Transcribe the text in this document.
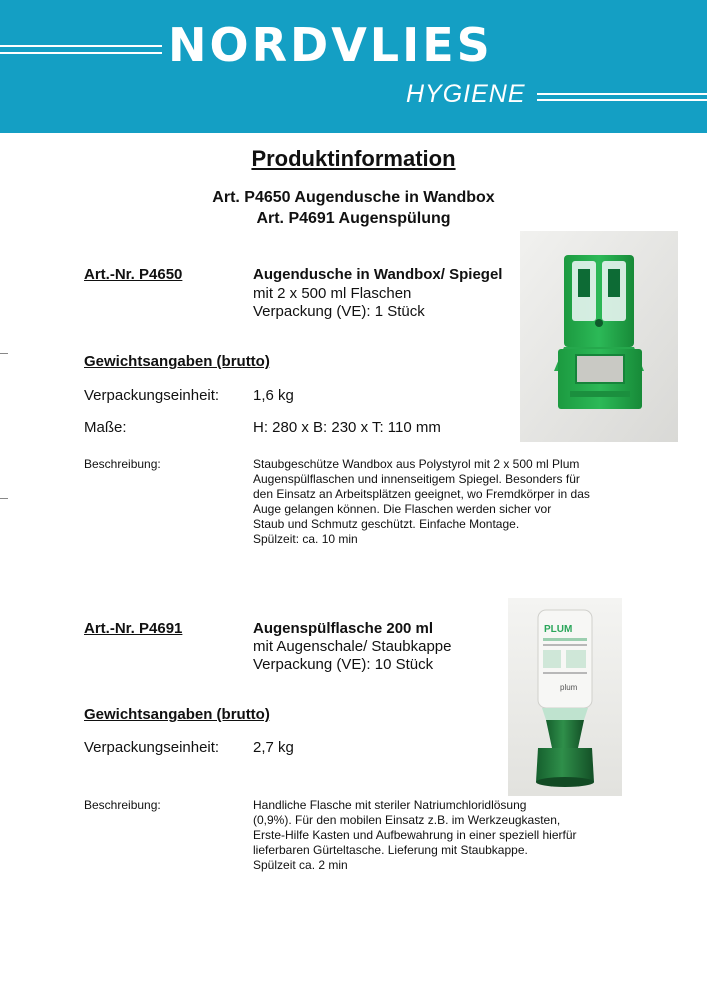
NORDVLIES
HYGIENE
Produktinformation
Art. P4650 Augendusche in Wandbox
Art. P4691 Augenspülung
Art.-Nr. P4650	Augendusche in Wandbox/ Spiegel
mit 2 x 500 ml Flaschen
Verpackung (VE): 1 Stück
Gewichtsangaben (brutto)
Verpackungseinheit: 1,6 kg
Maße:	H: 280 x B: 230 x T: 110 mm
Beschreibung:	Staubgeschütze Wandbox aus Polystyrol mit 2 x 500 ml Plum
Augenspülflaschen und innenseitigem Spiegel. Besonders für
den Einsatz an Arbeitsplätzen geeignet, wo Fremdkörper in das
Auge gelangen können. Die Flaschen werden sicher vor
Staub und Schmutz geschützt. Einfache Montage.
Spülzeit: ca. 10 min
Art.-Nr. P4691	Augenspülflasche 200 ml
mit Augenschale/ Staubkappe
Verpackung (VE): 10 Stück
Gewichtsangaben (brutto)
Verpackungseinheit: 2,7 kg
Beschreibung:	Handliche Flasche mit steriler Natriumchloridlösung
(0,9%). Für den mobilen Einsatz z.B. im Werkzeugkasten,
Erste-Hilfe Kasten und Aufbewahrung in einer speziell hierfür
lieferbaren Gürteltasche. Lieferung mit Staubkappe.
Spülzeit ca. 2 min
PLUM
plum
